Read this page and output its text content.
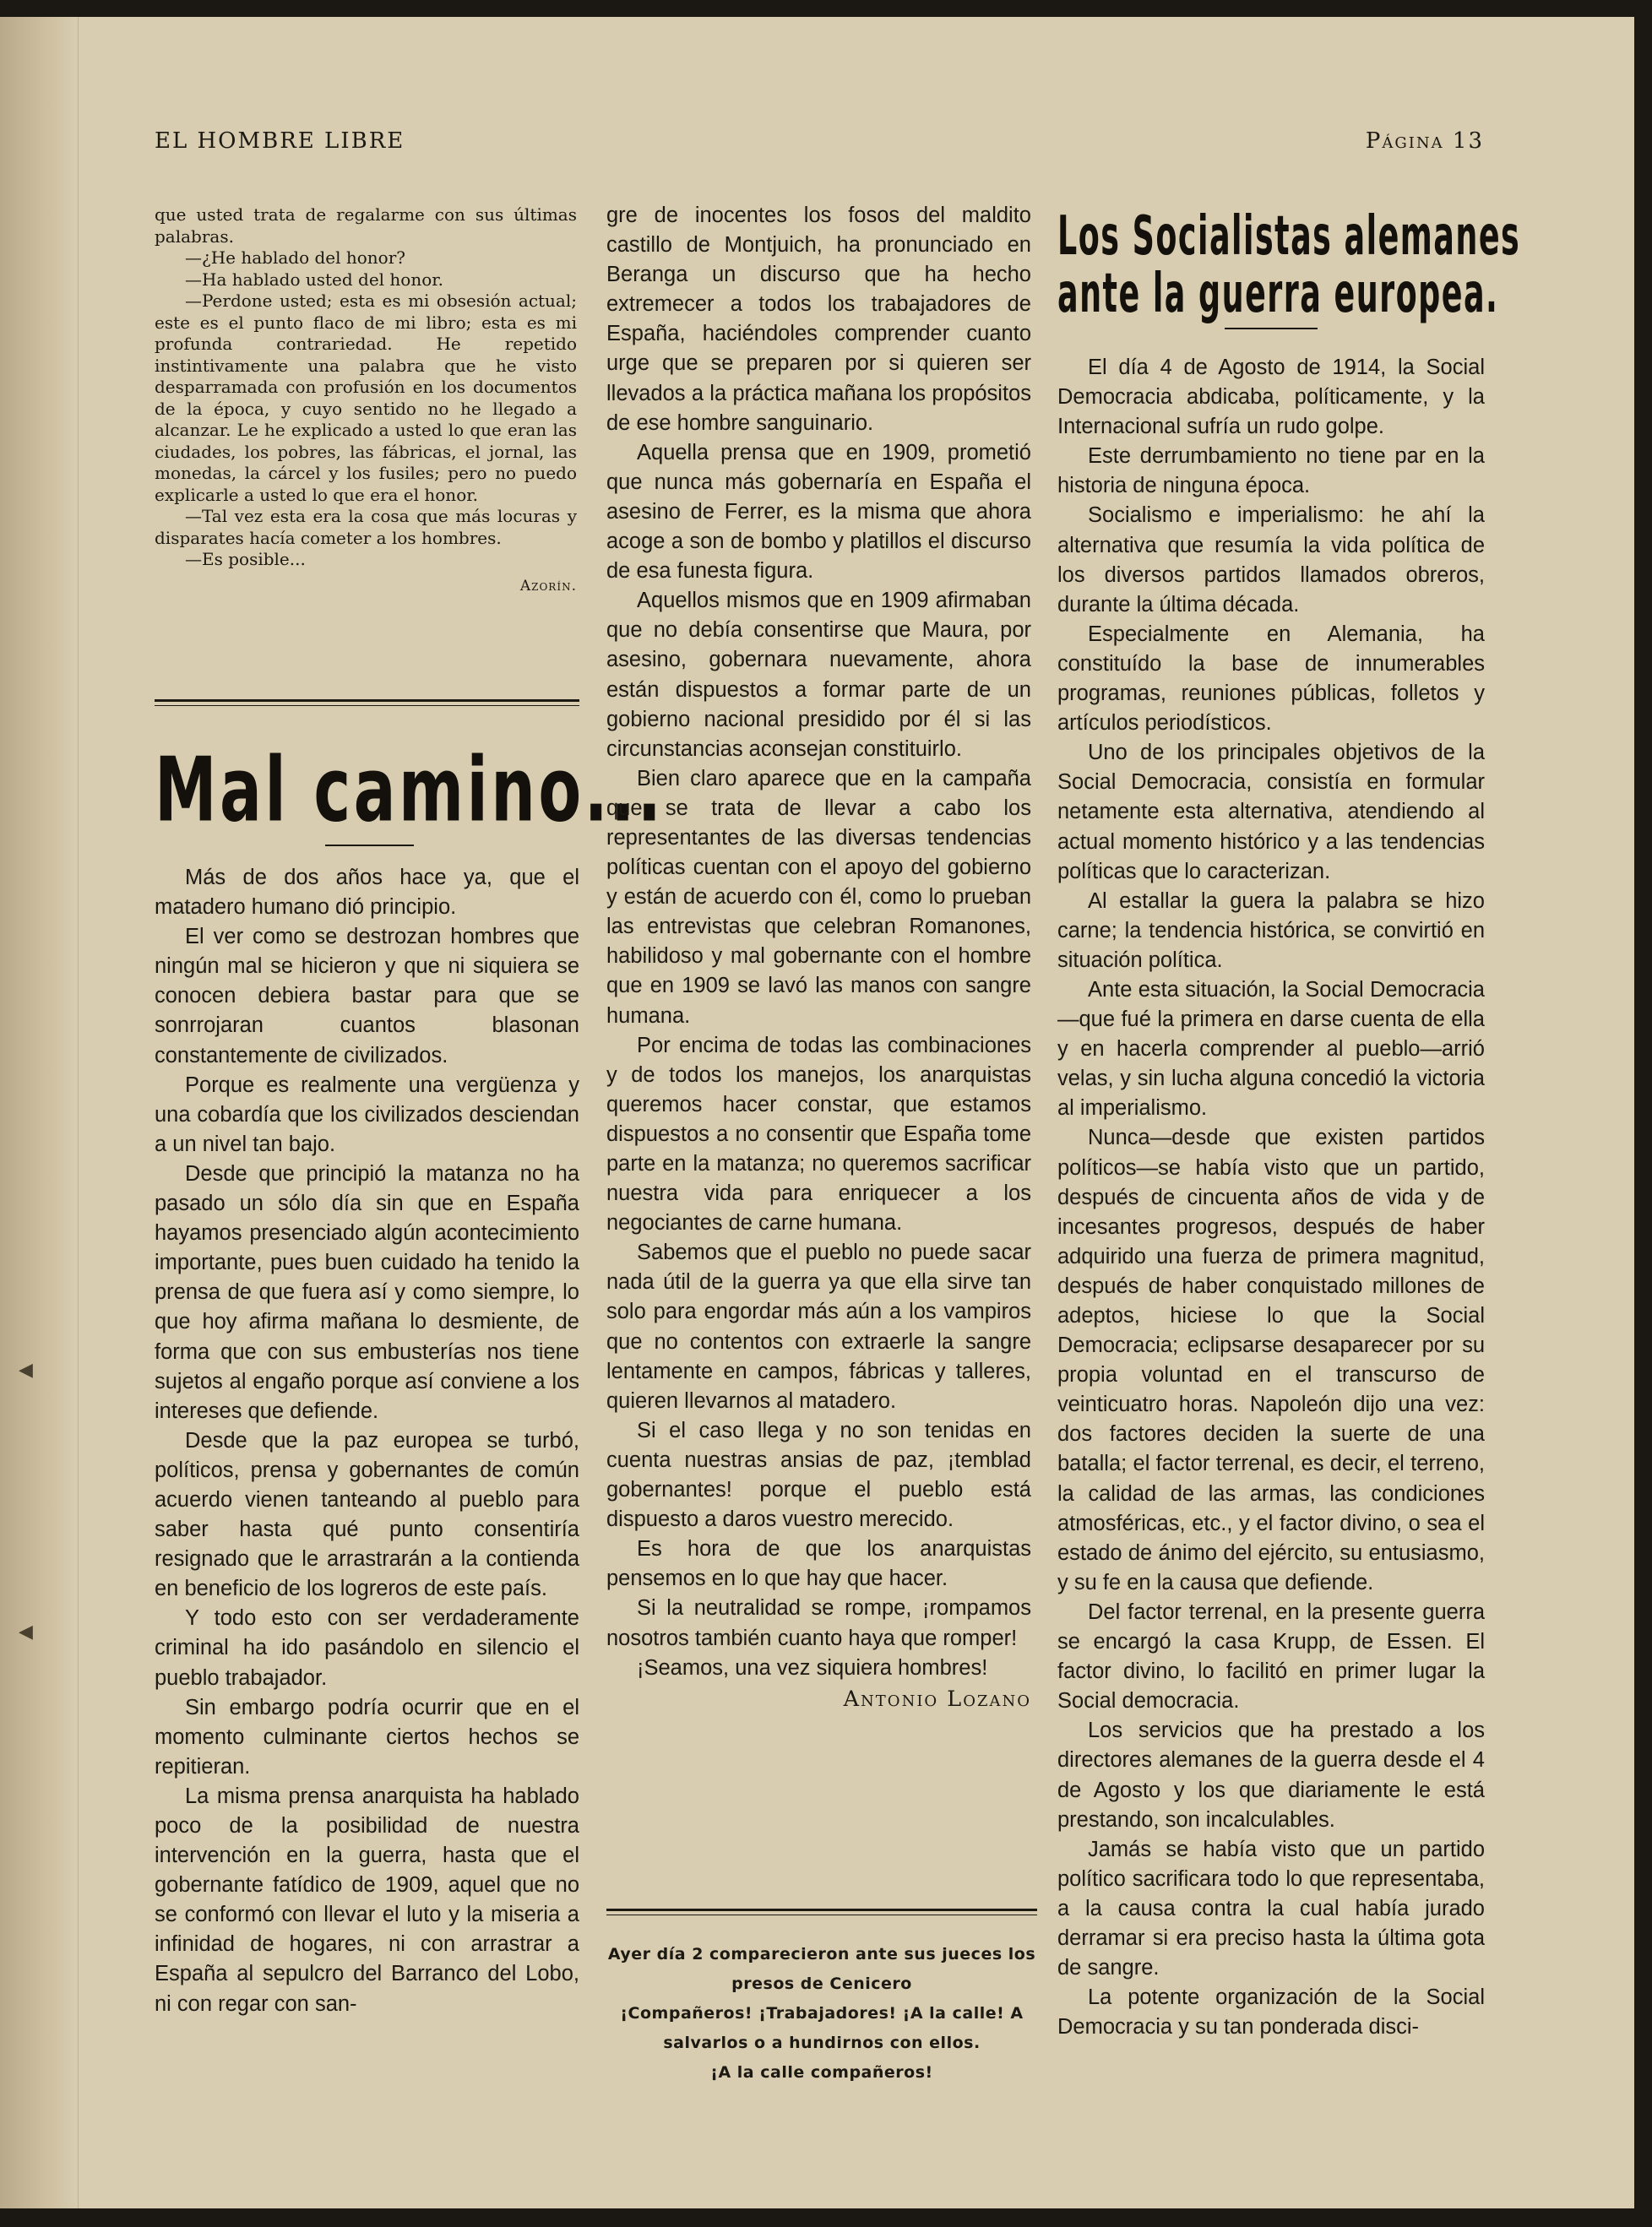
◀
◀
EL HOMBRE LIBRE	Página 13

que usted trata de regalarme con sus últimas palabras.

—¿He hablado del honor?

—Ha hablado usted del honor.

—Perdone usted; esta es mi obsesión actual; este es el punto flaco de mi libro; esta es mi profunda contrariedad. He repetido instintivamente una palabra que he visto desparramada con profusión en los documentos de la época, y cuyo sentido no he llegado a alcanzar. Le he explicado a usted lo que eran las ciudades, los pobres, las fábricas, el jornal, las monedas, la cárcel y los fusiles; pero no puedo explicarle a usted lo que era el honor.

—Tal vez esta era la cosa que más locuras y disparates hacía cometer a los hombres.

—Es posible...

Azorín.
Mal camino...

Más de dos años hace ya, que el matadero humano dió principio.

El ver como se destrozan hombres que ningún mal se hicieron y que ni siquiera se conocen debiera bastar para que se sonrrojaran cuantos blasonan constantemente de civilizados.

Porque es realmente una vergüenza y una cobardía que los civilizados desciendan a un nivel tan bajo.

Desde que principió la matanza no ha pasado un sólo día sin que en España hayamos presenciado algún acontecimiento importante, pues buen cuidado ha tenido la prensa de que fuera así y como siempre, lo que hoy afirma mañana lo desmiente, de forma que con sus embusterías nos tiene sujetos al engaño porque así conviene a los intereses que defiende.

Desde que la paz europea se turbó, políticos, prensa y gobernantes de común acuerdo vienen tanteando al pueblo para saber hasta qué punto consentiría resignado que le arrastrarán a la contienda en beneficio de los logreros de este país.

Y todo esto con ser verdaderamente criminal ha ido pasándolo en silencio el pueblo trabajador.

Sin embargo podría ocurrir que en el momento culminante ciertos hechos se repitieran.

La misma prensa anarquista ha hablado poco de la posibilidad de nuestra intervención en la guerra, hasta que el gobernante fatídico de 1909, aquel que no se conformó con llevar el luto y la miseria a infinidad de hogares, ni con arrastrar a España al sepulcro del Barranco del Lobo, ni con regar con san-

gre de inocentes los fosos del maldito castillo de Montjuich, ha pronunciado en Beranga un discurso que ha hecho extremecer a todos los trabajadores de España, haciéndoles comprender cuanto urge que se preparen por si quieren ser llevados a la práctica mañana los propósitos de ese hombre sanguinario.

Aquella prensa que en 1909, prometió que nunca más gobernaría en España el asesino de Ferrer, es la misma que ahora acoge a son de bombo y platillos el discurso de esa funesta figura.

Aquellos mismos que en 1909 afirmaban que no debía consentirse que Maura, por asesino, gobernara nuevamente, ahora están dispuestos a formar parte de un gobierno nacional presidido por él si las circunstancias aconsejan constituirlo.

Bien claro aparece que en la campaña que se trata de llevar a cabo los representantes de las diversas tendencias políticas cuentan con el apoyo del gobierno y están de acuerdo con él, como lo prueban las entrevistas que celebran Romanones, habilidoso y mal gobernante con el hombre que en 1909 se lavó las manos con sangre humana.

Por encima de todas las combinaciones y de todos los manejos, los anarquistas queremos hacer constar, que estamos dispuestos a no consentir que España tome parte en la matanza; no queremos sacrificar nuestra vida para enriquecer a los negociantes de carne humana.

Sabemos que el pueblo no puede sacar nada útil de la guerra ya que ella sirve tan solo para engordar más aún a los vampiros que no contentos con extraerle la sangre lentamente en campos, fábricas y talleres, quieren llevarnos al matadero.

Si el caso llega y no son tenidas en cuenta nuestras ansias de paz, ¡temblad gobernantes! porque el pueblo está dispuesto a daros vuestro merecido.

Es hora de que los anarquistas pensemos en lo que hay que hacer.

Si la neutralidad se rompe, ¡rompamos nosotros también cuanto haya que romper!

¡Seamos, una vez siquiera hombres!

Antonio Lozano
Ayer día 2 comparecieron ante sus jueces los presos de Cenicero
¡Compañeros! ¡Trabajadores! ¡A la calle! A salvarlos o a hundirnos con ellos.
¡A la calle compañeros!
Los Socialistas alemanes
ante la guerra europea.

El día 4 de Agosto de 1914, la Social Democracia abdicaba, políticamente, y la Internacional sufría un rudo golpe.

Este derrumbamiento no tiene par en la historia de ninguna época.

Socialismo e imperialismo: he ahí la alternativa que resumía la vida política de los diversos partidos llamados obreros, durante la última década.

Especialmente en Alemania, ha constituído la base de innumerables programas, reuniones públicas, folletos y artículos periodísticos.

Uno de los principales objetivos de la Social Democracia, consistía en formular netamente esta alternativa, atendiendo al actual momento histórico y a las tendencias políticas que lo caracterizan.

Al estallar la guera la palabra se hizo carne; la tendencia histórica, se convirtió en situación política.

Ante esta situación, la Social Democracia—que fué la primera en darse cuenta de ella y en hacerla comprender al pueblo—arrió velas, y sin lucha alguna concedió la victoria al imperialismo.

Nunca—desde que existen partidos políticos—se había visto que un partido, después de cincuenta años de vida y de incesantes progresos, después de haber adquirido una fuerza de primera magnitud, después de haber conquistado millones de adeptos, hiciese lo que la Social Democracia; eclipsarse desaparecer por su propia voluntad en el transcurso de veinticuatro horas. Napoleón dijo una vez: dos factores deciden la suerte de una batalla; el factor terrenal, es decir, el terreno, la calidad de las armas, las condiciones atmosféricas, etc., y el factor divino, o sea el estado de ánimo del ejército, su entusiasmo, y su fe en la causa que defiende.

Del factor terrenal, en la presente guerra se encargó la casa Krupp, de Essen. El factor divino, lo facilitó en primer lugar la Social democracia.

Los servicios que ha prestado a los directores alemanes de la guerra desde el 4 de Agosto y los que diariamente le está prestando, son incalculables.

Jamás se había visto que un partido político sacrificara todo lo que representaba, a la causa contra la cual había jurado derramar si era preciso hasta la última gota de sangre.

La potente organización de la Social Democracia y su tan ponderada disci-
